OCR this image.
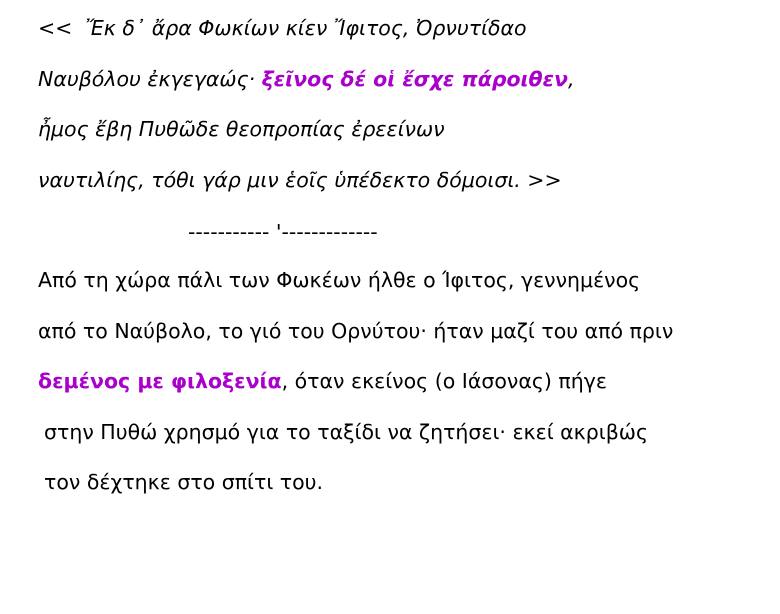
<<  Ἔκ δ᾽ ἄρα Φωκίων κίεν Ἴφιτος, Ὀρνυτίδαο
Ναυβόλου ἐκγεγαώς· ξεῖνος δέ οἱ ἔσχε πάροιθεν,
ἦμος ἔβη Πυθῶδε θεοπροπίας ἐρεείνων
ναυτιλίης, τόθι γάρ μιν ἑοῖς ὑπέδεκτο δόμοισι. >>
----------- '-------------
Από τη χώρα πάλι των Φωκέων ήλθε ο Ίφιτος, γεννημένος
από το Ναύβολο, το γιό του Ορνύτου· ήταν μαζί του από πριν
δεμένος με φιλοξενία, όταν εκείνος (ο Ιάσονας) πήγε
στην Πυθώ χρησμό για το ταξίδι να ζητήσει· εκεί ακριβώς
τον δέχτηκε στο σπίτι του.
